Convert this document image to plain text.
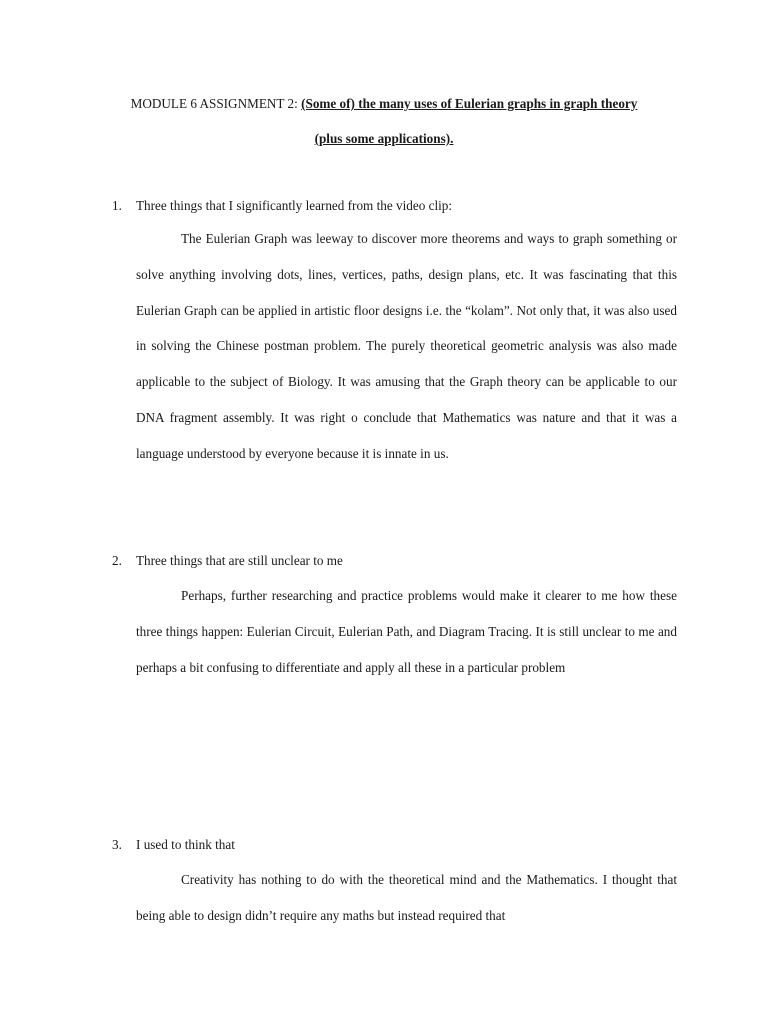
MODULE 6 ASSIGNMENT 2: (Some of) the many uses of Eulerian graphs in graph theory
(plus some applications).
1. Three things that I significantly learned from the video clip:

The Eulerian Graph was leeway to discover more theorems and ways to graph something or solve anything involving dots, lines, vertices, paths, design plans, etc. It was fascinating that this Eulerian Graph can be applied in artistic floor designs i.e. the “kolam”. Not only that, it was also used in solving the Chinese postman problem. The purely theoretical geometric analysis was also made applicable to the subject of Biology. It was amusing that the Graph theory can be applicable to our DNA fragment assembly. It was right o conclude that Mathematics was nature and that it was a language understood by everyone because it is innate in us.

2. Three things that are still unclear to me

Perhaps, further researching and practice problems would make it clearer to me how these three things happen: Eulerian Circuit, Eulerian Path, and Diagram Tracing. It is still unclear to me and perhaps a bit confusing to differentiate and apply all these in a particular problem

3. I used to think that

Creativity has nothing to do with the theoretical mind and the Mathematics. I thought that being able to design didn’t require any maths but instead required that
